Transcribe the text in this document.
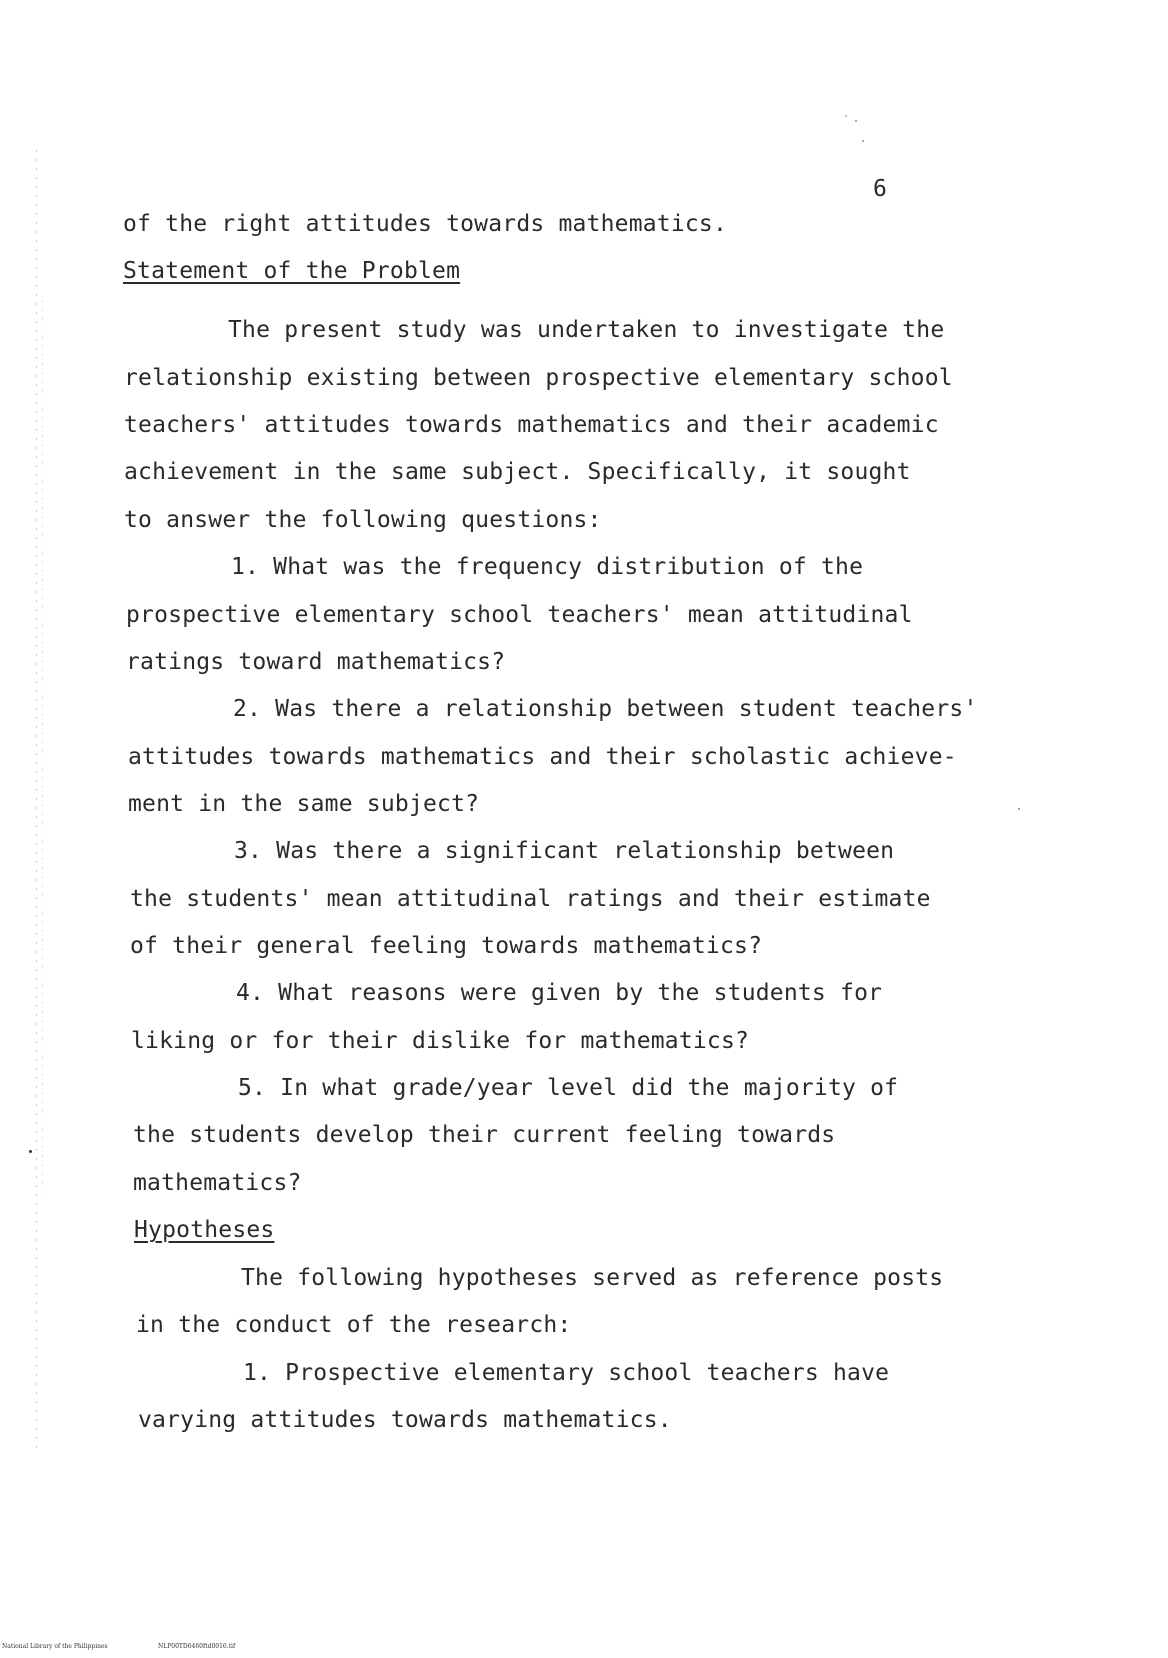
6
of the right attitudes towards mathematics.
Statement of the Problem
The present study was undertaken to investigate the
relationship existing between prospective elementary school
teachers' attitudes towards mathematics and their academic
achievement in the same subject. Specifically, it sought
to answer the following questions:
1. What was the frequency distribution of the
prospective elementary school teachers' mean attitudinal
ratings toward mathematics?
2. Was there a relationship between student teachers'
attitudes towards mathematics and their scholastic achieve-
ment in the same subject?
3. Was there a significant relationship between
the students' mean attitudinal ratings and their estimate
of their general feeling towards mathematics?
4. What reasons were given by the students for
liking or for their dislike for mathematics?
5. In what grade/year level did the majority of
the students develop their current feeling towards
mathematics?
Hypotheses
The following hypotheses served as reference posts
in the conduct of the research:
1. Prospective elementary school teachers have
varying attitudes towards mathematics.
National Library of the Philippines	NLP00TD6460ftd0016.tif
